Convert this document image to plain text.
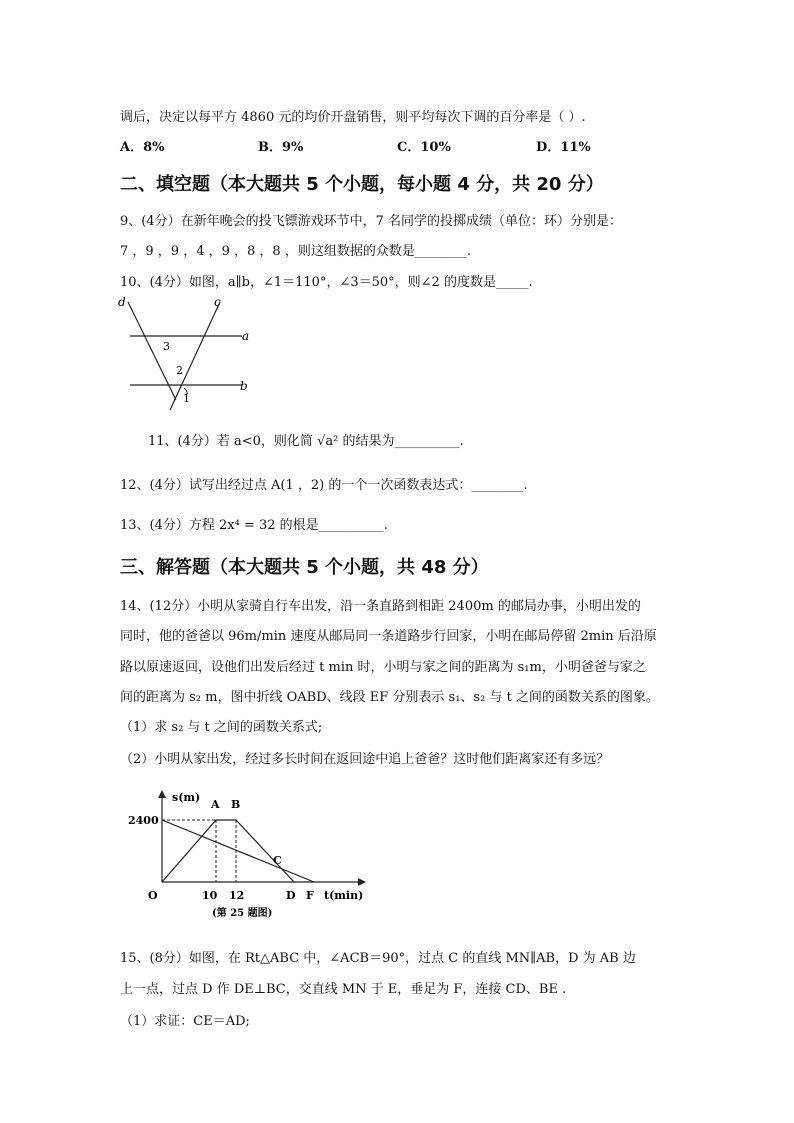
调后，决定以每平方 4860 元的均价开盘销售，则平均每次下调的百分率是（ ）.
A．8%	B．9%	C．10%	D．11%
二、填空题（本大题共 5 个小题，每小题 4 分，共 20 分）
9、(4分）在新年晚会的投飞镖游戏环节中，7 名同学的投掷成绩（单位：环）分别是：
7 ，9 ，9 ，4 ，9 ，8 ，8 ，则这组数据的众数是________.
10、(4分）如图，a∥b，∠1＝110°，∠3＝50°，则∠2 的度数是_____.
d	c
a
b
3
2
1
11、(4分）若 a<0，则化简 √a² 的结果为__________.
12、(4分）试写出经过点 A(1 ，2) 的一个一次函数表达式：________.
13、(4分）方程 2x⁴ = 32 的根是__________.
三、解答题（本大题共 5 个小题，共 48 分）
14、(12分）小明从家骑自行车出发，沿一条直路到相距 2400m 的邮局办事，小明出发的
同时，他的爸爸以 96m/min 速度从邮局同一条道路步行回家，小明在邮局停留 2min 后沿原
路以原速返回，设他们出发后经过 t min 时，小明与家之间的距离为 s₁m，小明爸爸与家之
间的距离为 s₂ m，图中折线 OABD、线段 EF 分别表示 s₁、s₂ 与 t 之间的函数关系的图象。
（1）求 s₂ 与 t 之间的函数关系式;
（2）小明从家出发，经过多长时间在返回途中追上爸爸？这时他们距离家还有多远？
s(m)
2400
A B
C
O	10 12	D F t(min)
(第 25 题图)
15、(8分）如图，在 Rt△ABC 中，∠ACB＝90°，过点 C 的直线 MN∥AB，D 为 AB 边
上一点，过点 D 作 DE⊥BC，交直线 MN 于 E，垂足为 F，连接 CD、BE .
（1）求证：CE＝AD;
